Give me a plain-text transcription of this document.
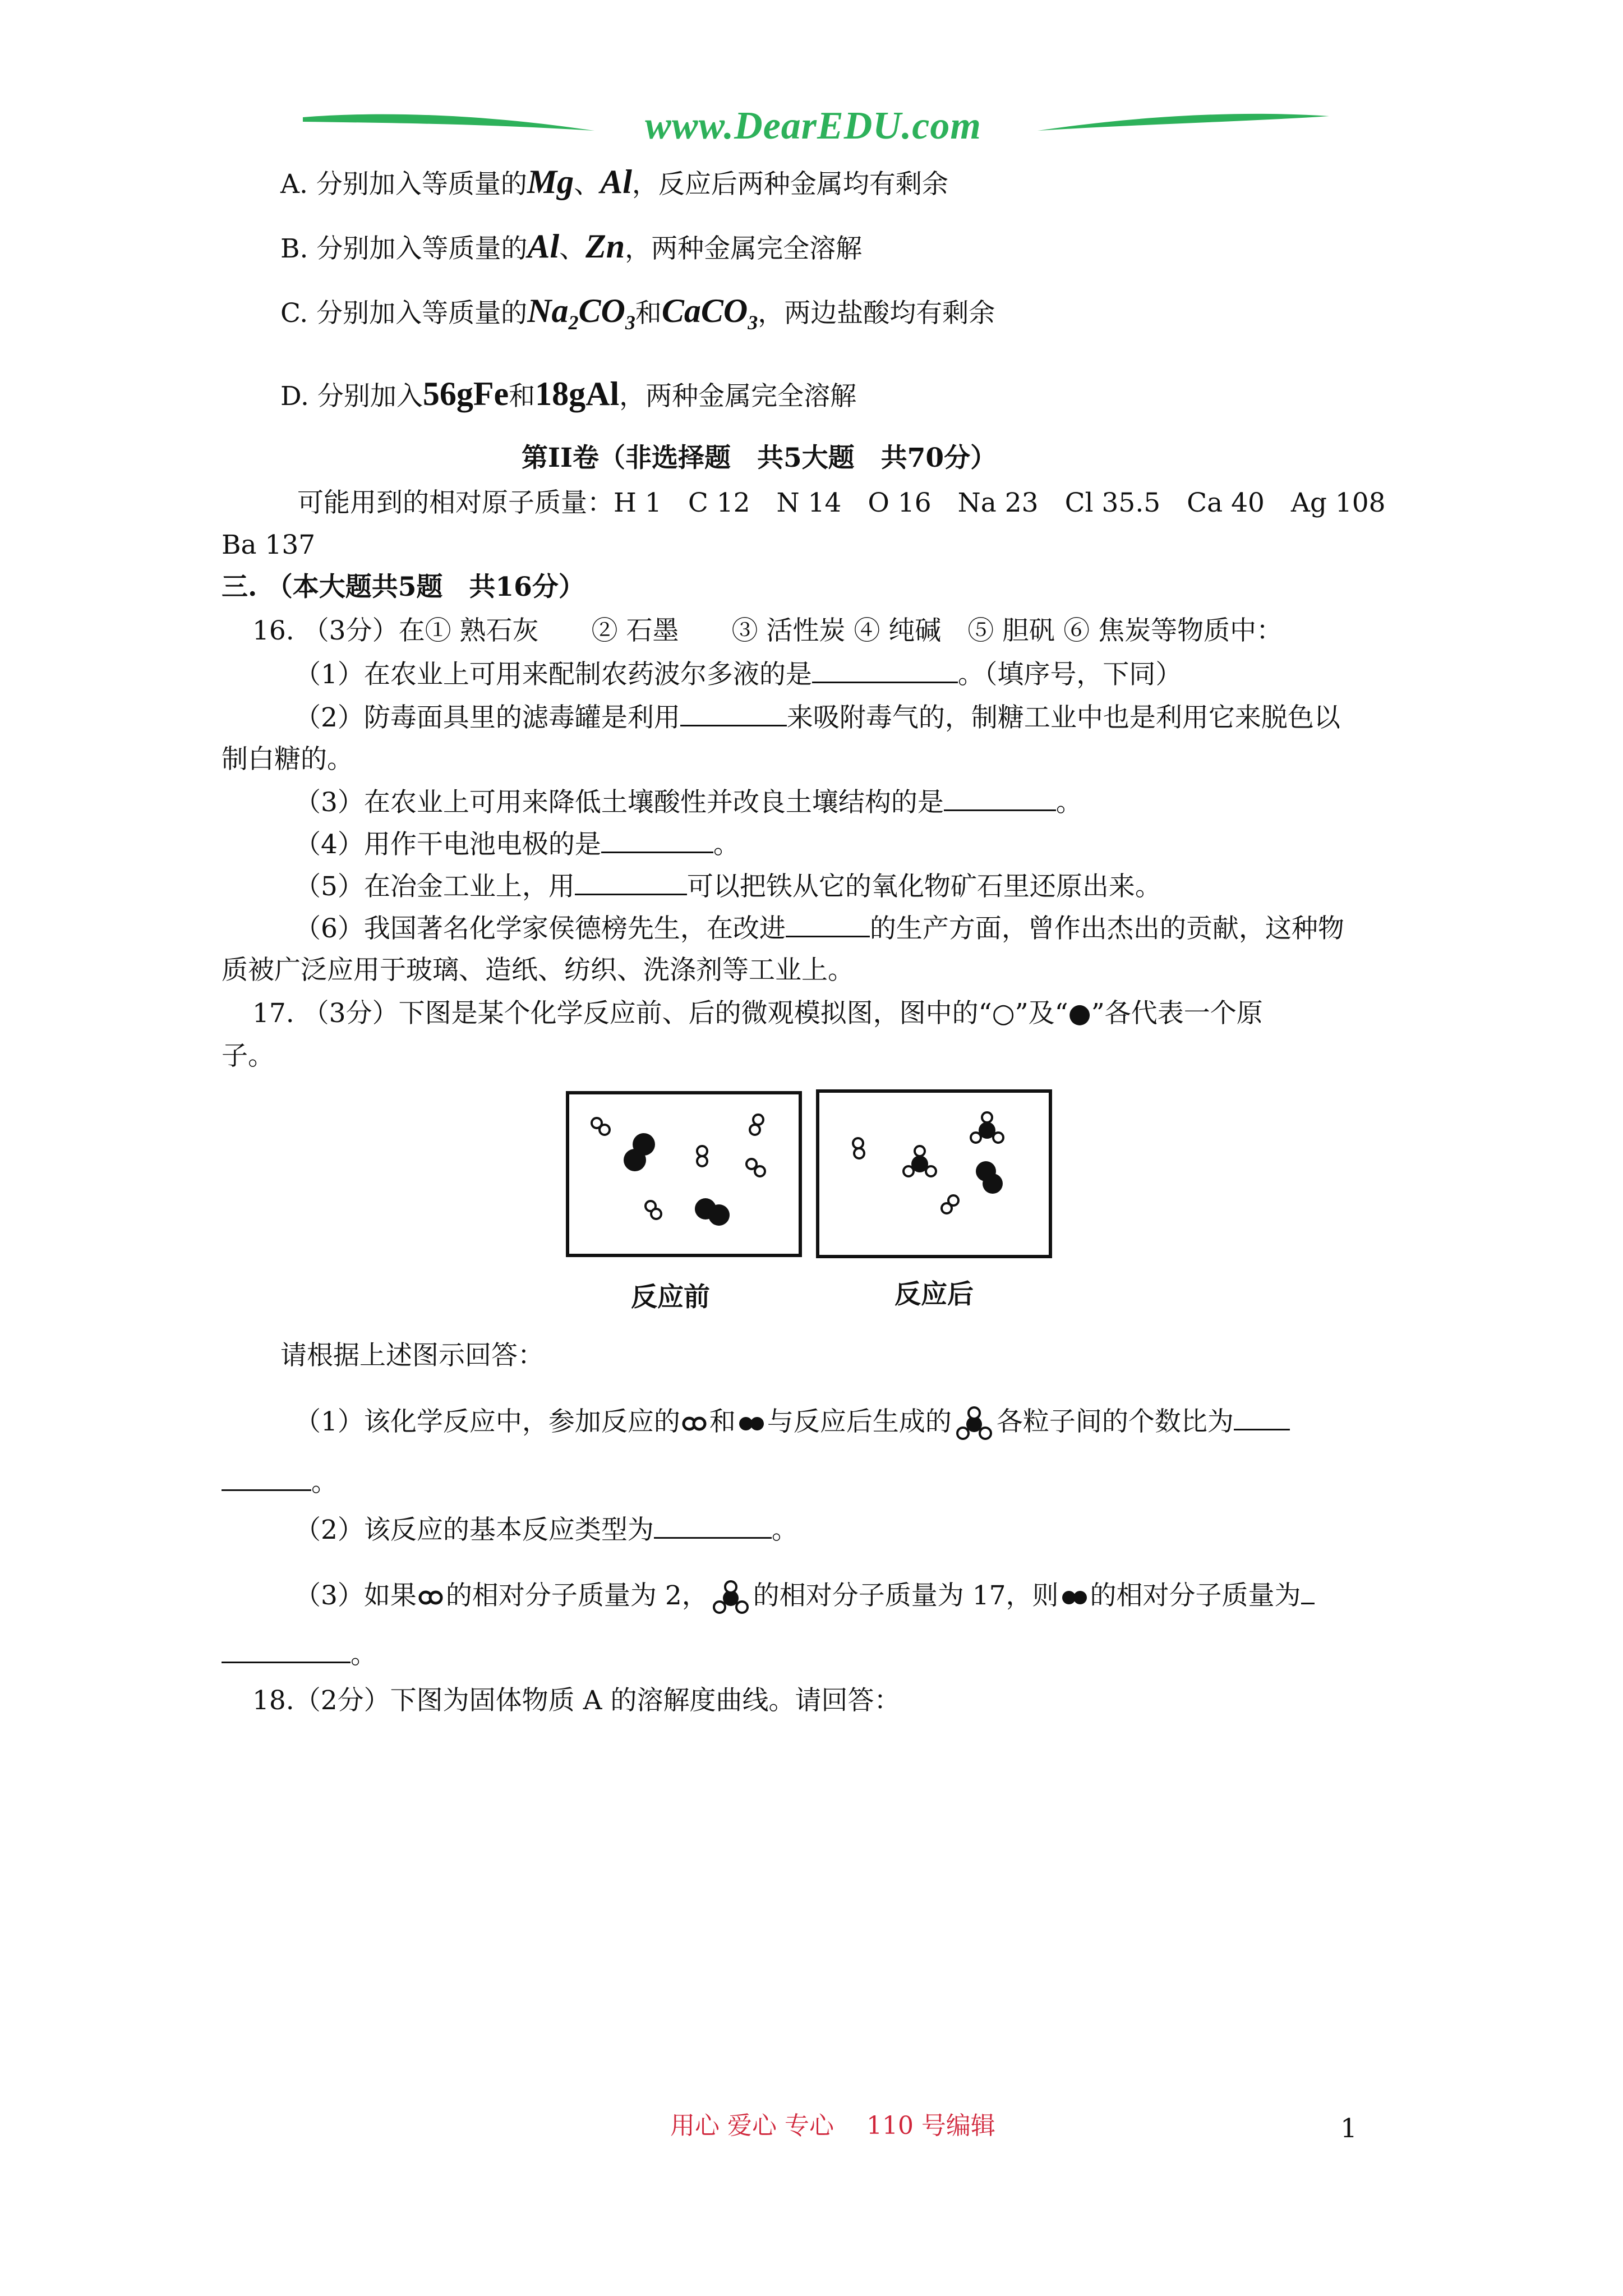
www.DearEDU.com
A. 分别加入等质量的Mg、Al，反应后两种金属均有剩余
B. 分别加入等质量的Al、Zn，两种金属完全溶解
C. 分别加入等质量的$Na_2CO_3$和CaCO$_3$，两边盐酸均有剩余
D. 分别加入56gFe和18gAl，两种金属完全溶解
第II卷（非选择题　共5大题　共70分）
可能用到的相对原子质量：H 1　C 12　N 14　O 16　Na 23　Cl 35.5　Ca 40　Ag 108
Ba 137
三. （本大题共5题　共16分）
16. （3分）在① 熟石灰　　② 石墨　　③ 活性炭 ④ 纯碱　⑤ 胆矾 ⑥ 焦炭等物质中：
（1）在农业上可用来配制农药波尔多液的是	。（填序号，下同）
（2）防毒面具里的滤毒罐是利用	来吸附毒气的，制糖工业中也是利用它来脱色以
制白糖的。
（3）在农业上可用来降低土壤酸性并改良土壤结构的是	。
（4）用作干电池电极的是	。
（5）在冶金工业上，用	可以把铁从它的氧化物矿石里还原出来。
（6）我国著名化学家侯德榜先生，在改进	的生产方面，曾作出杰出的贡献，这种物
质被广泛应用于玻璃、造纸、纺织、洗涤剂等工业上。
17. （3分）下图是某个化学反应前、后的微观模拟图，图中的“○”及“●”各代表一个原
子。
反应前	反应后
请根据上述图示回答：
（1）该化学反应中，参加反应的 和 与反应后生成的 各粒子间的个数比为
。
（2）该反应的基本反应类型为	。
（3）如果 的相对分子质量为 2， 的相对分子质量为 17，则 的相对分子质量为
。
18.（2分）下图为固体物质 A 的溶解度曲线。请回答：
用心 爱心 专心　 110 号编辑	1
